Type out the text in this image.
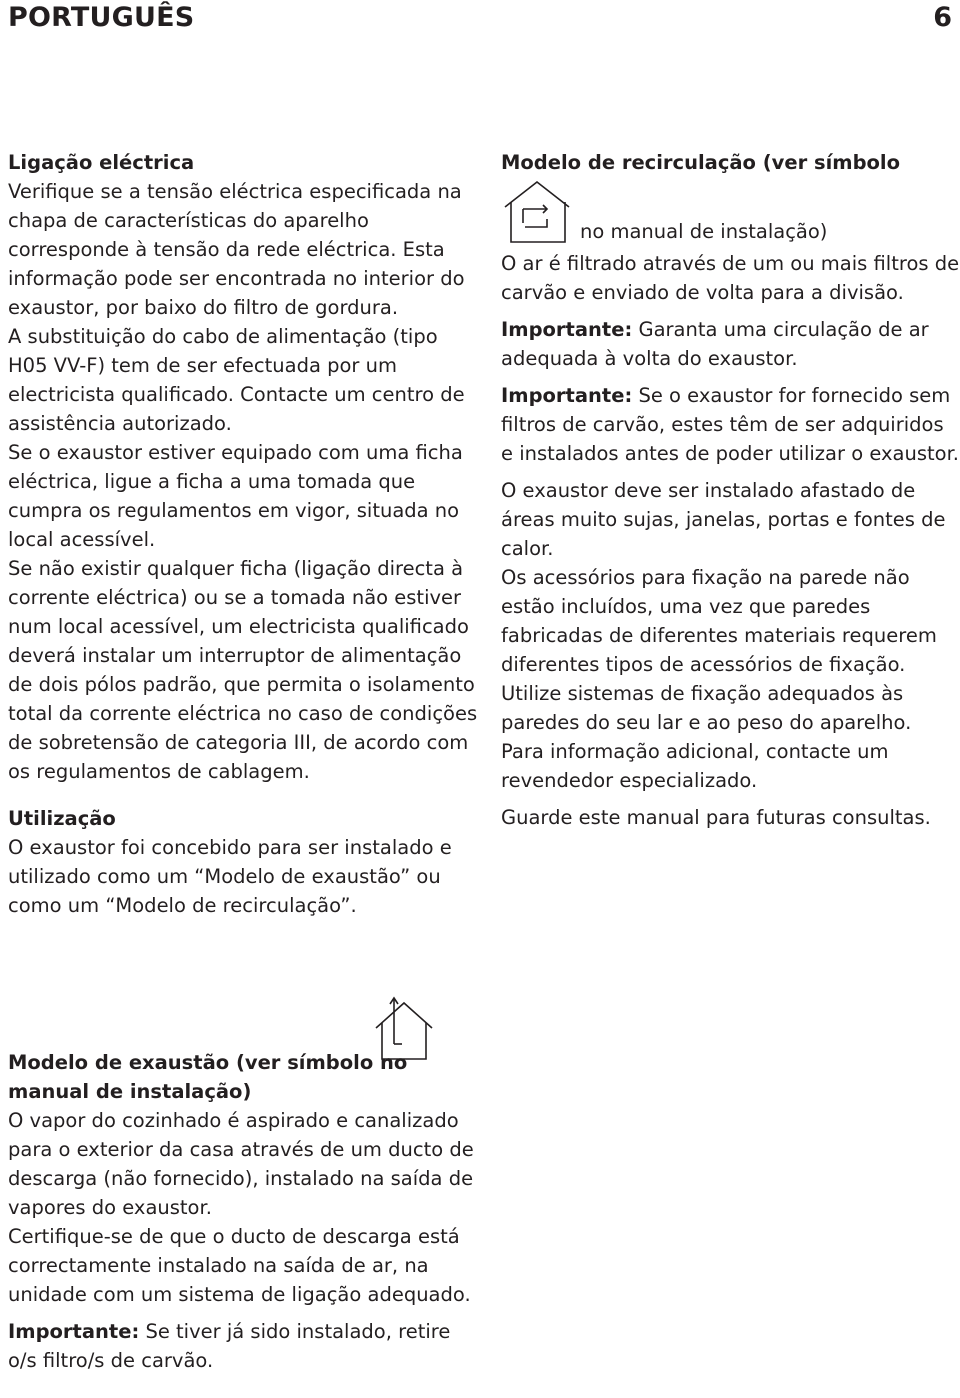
PORTUGUÊS	6
Ligação eléctrica

Verifique se a tensão eléctrica especificada na chapa de características do aparelho corresponde à tensão da rede eléctrica. Esta informação pode ser encontrada no interior do exaustor, por baixo do filtro de gordura.

A substituição do cabo de alimentação (tipo H05 VV-F) tem de ser efectuada por um electricista qualificado. Contacte um centro de assistência autorizado.

Se o exaustor estiver equipado com uma ficha eléctrica, ligue a ficha a uma tomada que cumpra os regulamentos em vigor, situada no local acessível.

Se não existir qualquer ficha (ligação directa à corrente eléctrica) ou se a tomada não estiver num local acessível, um electricista qualificado deverá instalar um interruptor de alimentação de dois pólos padrão, que permita o isolamento total da corrente eléctrica no caso de condições de sobretensão de categoria III, de acordo com os regulamentos de cablagem.

Utilização

O exaustor foi concebido para ser instalado e utilizado como um “Modelo de exaustão” ou como um “Modelo de recirculação”.

Modelo de exaustão (ver símbolo no manual de instalação)

O vapor do cozinhado é aspirado e canalizado para o exterior da casa através de um ducto de descarga (não fornecido), instalado na saída de vapores do exaustor.

Certifique-se de que o ducto de descarga está correctamente instalado na saída de ar, na unidade com um sistema de ligação adequado.

Importante: Se tiver já sido instalado, retire o/s filtro/s de carvão.

Modelo de recirculação (ver símbolo

no manual de instalação)

O ar é filtrado através de um ou mais filtros de carvão e enviado de volta para a divisão.

Importante: Garanta uma circulação de ar adequada à volta do exaustor.

Importante: Se o exaustor for fornecido sem filtros de carvão, estes têm de ser adquiridos e instalados antes de poder utilizar o exaustor.

O exaustor deve ser instalado afastado de áreas muito sujas, janelas, portas e fontes de calor.

Os acessórios para fixação na parede não estão incluídos, uma vez que paredes fabricadas de diferentes materiais requerem diferentes tipos de acessórios de fixação.

Utilize sistemas de fixação adequados às paredes do seu lar e ao peso do aparelho.

Para informação adicional, contacte um revendedor especializado.

Guarde este manual para futuras consultas.
